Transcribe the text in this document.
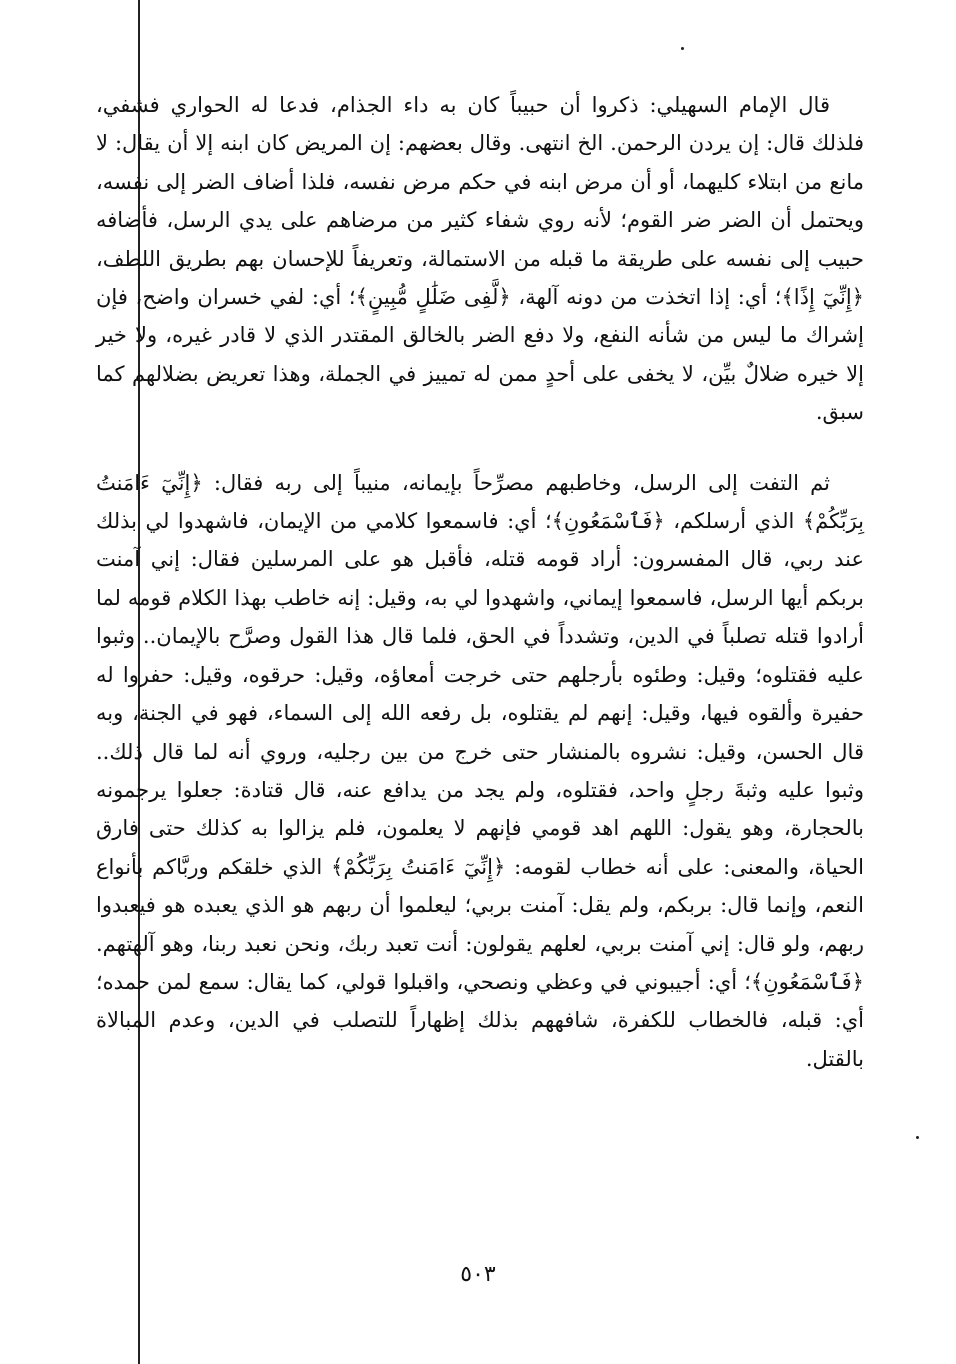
قال الإمام السهيلي: ذكروا أن حبيباً كان به داء الجذام، فدعا له الحواري فشفي، فلذلك قال: إن يردن الرحمن. الخ انتهى. وقال بعضهم: إن المريض كان ابنه إلا أن يقال: لا مانع من ابتلاء كليهما، أو أن مرض ابنه في حكم مرض نفسه، فلذا أضاف الضر إلى نفسه، ويحتمل أن الضر ضر القوم؛ لأنه روي شفاء كثير من مرضاهم على يدي الرسل، فأضافه حبيب إلى نفسه على طريقة ما قبله من الاستمالة، وتعريفاً للإحسان بهم بطريق اللطف، ﴿إِنِّيٓ إِذًا﴾؛ أي: إذا اتخذت من دونه آلهة، ﴿لَّفِى ضَلَٰلٍ مُّبِينٍ﴾؛ أي: لفي خسران واضح، فإن إشراك ما ليس من شأنه النفع، ولا دفع الضر بالخالق المقتدر الذي لا قادر غيره، ولا خير إلا خيره ضلالٌ بيِّن، لا يخفى على أحدٍ ممن له تمييز في الجملة، وهذا تعريض بضلالهم كما سبق.

ثم التفت إلى الرسل، وخاطبهم مصرِّحاً بإيمانه، منيباً إلى ربه فقال: ﴿إِنِّيٓ ءَامَنتُ بِرَبِّكُمْ﴾ الذي أرسلكم، ﴿فَٱسْمَعُونِ﴾؛ أي: فاسمعوا كلامي من الإيمان، فاشهدوا لي بذلك عند ربي، قال المفسرون: أراد قومه قتله، فأقبل هو على المرسلين فقال: إني آمنت بربكم أيها الرسل، فاسمعوا إيماني، واشهدوا لي به، وقيل: إنه خاطب بهذا الكلام قومه لما أرادوا قتله تصلباً في الدين، وتشدداً في الحق، فلما قال هذا القول وصرَّح بالإيمان.. وثبوا عليه فقتلوه؛ وقيل: وطئوه بأرجلهم حتى خرجت أمعاؤه، وقيل: حرقوه، وقيل: حفروا له حفيرة وألقوه فيها، وقيل: إنهم لم يقتلوه، بل رفعه الله إلى السماء، فهو في الجنة، وبه قال الحسن، وقيل: نشروه بالمنشار حتى خرج من بين رجليه، وروي أنه لما قال ذلك.. وثبوا عليه وثبةَ رجلٍ واحد، فقتلوه، ولم يجد من يدافع عنه، قال قتادة: جعلوا يرجمونه بالحجارة، وهو يقول: اللهم اهد قومي فإنهم لا يعلمون، فلم يزالوا به كذلك حتى فارق الحياة، والمعنى: على أنه خطاب لقومه: ﴿إِنِّيٓ ءَامَنتُ بِرَبِّكُمْ﴾ الذي خلقكم وربَّاكم بأنواع النعم، وإنما قال: بربكم، ولم يقل: آمنت بربي؛ ليعلموا أن ربهم هو الذي يعبده هو فيعبدوا ربهم، ولو قال: إني آمنت بربي، لعلهم يقولون: أنت تعبد ربك، ونحن نعبد ربنا، وهو آلهتهم. ﴿فَٱسْمَعُونِ﴾؛ أي: أجيبوني في وعظي ونصحي، واقبلوا قولي، كما يقال: سمع لمن حمده؛ أي: قبله، فالخطاب للكفرة، شافههم بذلك إظهاراً للتصلب في الدين، وعدم المبالاة بالقتل.

٥٠٣
